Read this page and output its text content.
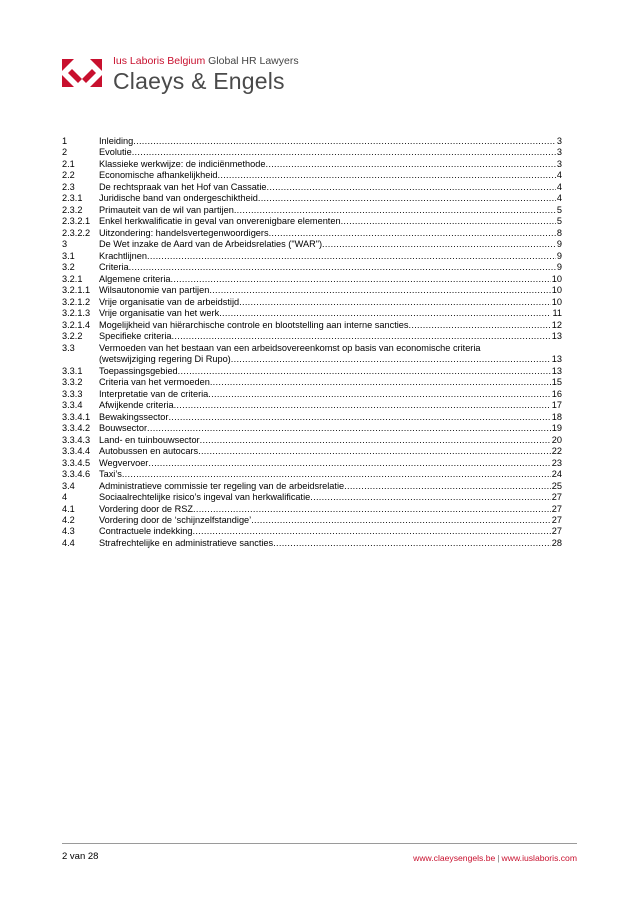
Ius Laboris Belgium Global HR Lawyers
Claeys & Engels
1	Inleiding .....	3
2	Evolutie .....	3
2.1	Klassieke werkwijze: de indiciënmethode .....	3
2.2	Economische afhankelijkheid .....	4
2.3	De rechtspraak van het Hof van Cassatie .....	4
2.3.1	Juridische band van ondergeschiktheid .....	4
2.3.2	Primauteit van de wil van partijen .....	5
2.3.2.1 Enkel herkwalificatie in geval van onverenigbare elementen .....	5
2.3.2.2 Uitzondering: handelsvertegenwoordigers .....	8
3	De Wet inzake de Aard van de Arbeidsrelaties ("WAR") .....	9
3.1	Krachtlijnen .....	9
3.2	Criteria .....	9
3.2.1	Algemene criteria .....	10
3.2.1.1 Wilsautonomie van partijen .....	10
3.2.1.2 Vrije organisatie van de arbeidstijd .....	10
3.2.1.3 Vrije organisatie van het werk .....	11
3.2.1.4 Mogelijkheid van hiërarchische controle en blootstelling aan interne sancties .....	12
3.2.2	Specifieke criteria .....	13
3.3	Vermoeden van het bestaan van een arbeidsovereenkomst op basis van economische criteria
(wetswijziging regering Di Rupo) .....	13
3.3.1	Toepassingsgebied .....	13
3.3.2	Criteria van het vermoeden .....	15
3.3.3	Interpretatie van de criteria .....	16
3.3.4	Afwijkende criteria .....	17
3.3.4.1 Bewakingssector .....	18
3.3.4.2 Bouwsector .....	19
3.3.4.3 Land- en tuinbouwsector .....	20
3.3.4.4 Autobussen en autocars .....	22
3.3.4.5 Wegvervoer .....	23
3.3.4.6 Taxi’s .....	24
3.4	Administratieve commissie ter regeling van de arbeidsrelatie .....	25
4	Sociaalrechtelijke risico’s ingeval van herkwalificatie .....	27
4.1	Vordering door de RSZ .....	27
4.2	Vordering door de ‘schijnzelfstandige’ .....	27
4.3	Contractuele indekking .....	27
4.4	Strafrechtelijke en administratieve sancties .....	28
2 van 28	www.claeysengels.be | www.iuslaboris.com
